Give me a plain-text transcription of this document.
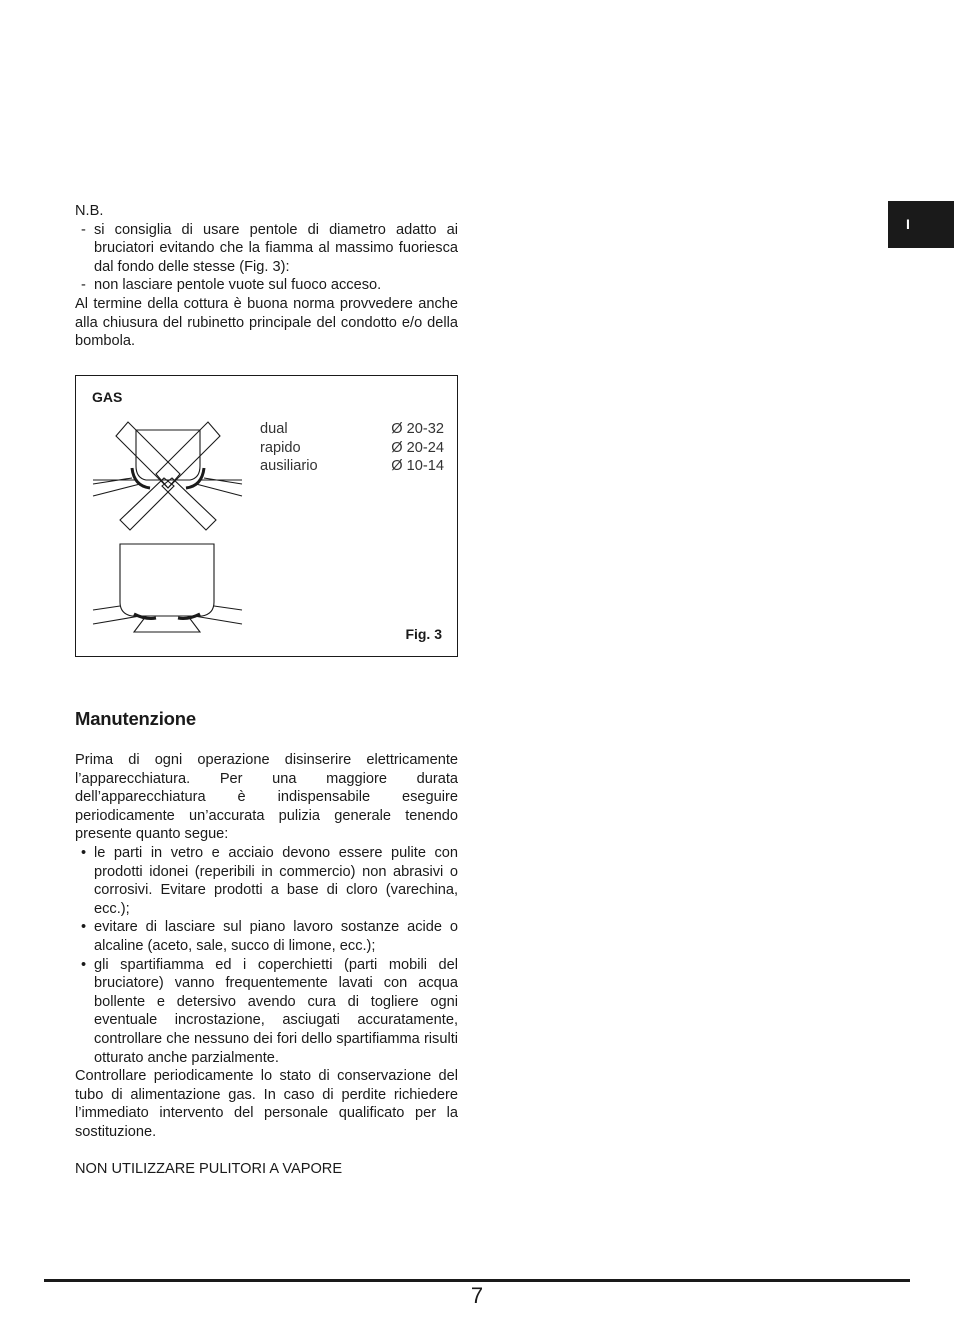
I

N.B.

- si consiglia di usare pentole di diametro adatto ai bruciatori evitando che la fiamma al massimo fuoriesca dal fondo delle stesse (Fig. 3):
- non lasciare pentole vuote sul fuoco acceso.

Al termine della cottura è buona norma provvedere anche alla chiusura del rubinetto principale del condotto e/o della bombola.

GAS
dual	Ø 20-32
rapido	Ø 20-24
ausiliario	Ø 10-14
Fig. 3
Manutenzione

Prima di ogni operazione disinserire elettricamente l’apparecchiatura. Per una maggiore durata dell’apparecchiatura è indispensabile eseguire periodicamente un’accurata pulizia generale tenendo presente quanto segue:

• le parti in vetro e acciaio devono essere pulite con prodotti idonei (reperibili in commercio) non abrasivi o corrosivi. Evitare prodotti a base di cloro (varechina, ecc.);
• evitare di lasciare sul piano lavoro sostanze acide o alcaline (aceto, sale, succo di limone, ecc.);
• gli spartifiamma ed i coperchietti (parti mobili del bruciatore) vanno frequentemente lavati con acqua bollente e detersivo avendo cura di togliere ogni eventuale incrostazione, asciugati accuratamente, controllare che nessuno dei fori dello spartifiamma risulti otturato anche parzialmente.

Controllare periodicamente lo stato di conservazione del tubo di alimentazione gas. In caso di perdite richiedere l’immediato intervento del personale qualificato per la sostituzione.

NON UTILIZZARE PULITORI A VAPORE
7
